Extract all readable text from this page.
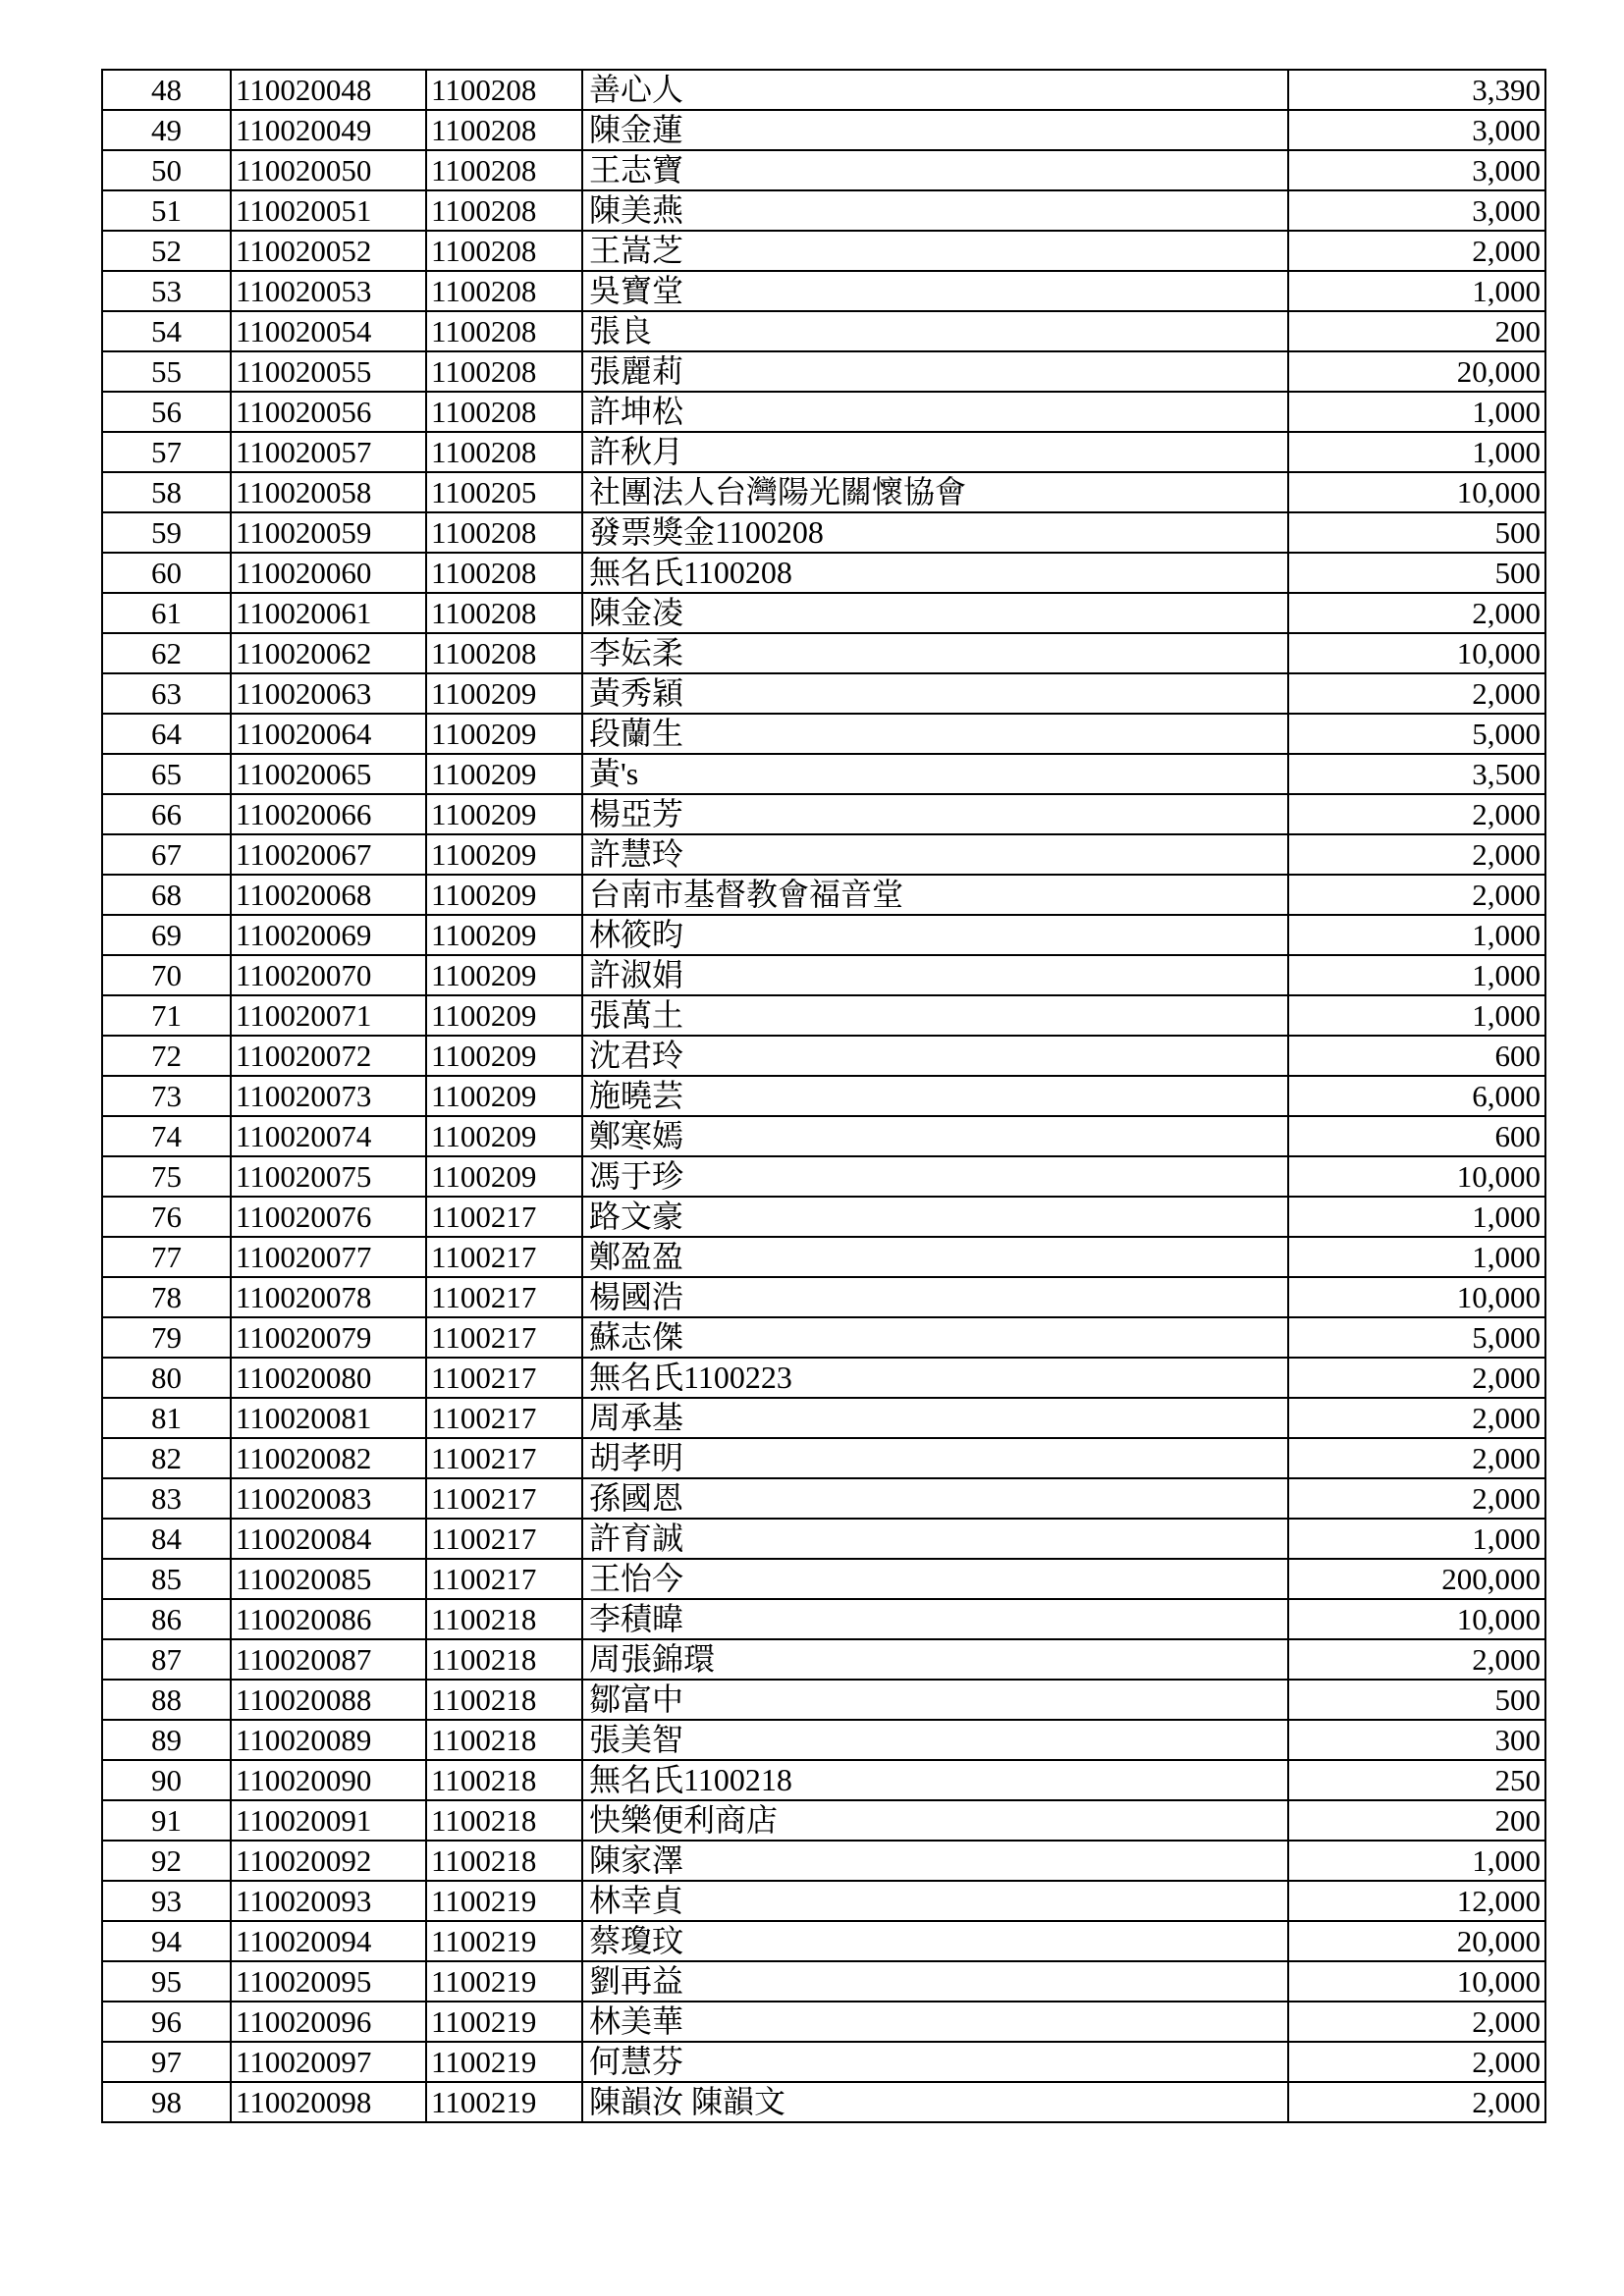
48	110020048	1100208	善心人	3,390
49	110020049	1100208	陳金蓮	3,000
50	110020050	1100208	王志寶	3,000
51	110020051	1100208	陳美燕	3,000
52	110020052	1100208	王嵩芝	2,000
53	110020053	1100208	吳寶堂	1,000
54	110020054	1100208	張良	200
55	110020055	1100208	張麗莉	20,000
56	110020056	1100208	許坤松	1,000
57	110020057	1100208	許秋月	1,000
58	110020058	1100205	社團法人台灣陽光關懷協會	10,000
59	110020059	1100208	發票獎金1100208	500
60	110020060	1100208	無名氏1100208	500
61	110020061	1100208	陳金凌	2,000
62	110020062	1100208	李妘柔	10,000
63	110020063	1100209	黃秀穎	2,000
64	110020064	1100209	段蘭生	5,000
65	110020065	1100209	黃's	3,500
66	110020066	1100209	楊亞芳	2,000
67	110020067	1100209	許慧玲	2,000
68	110020068	1100209	台南市基督教會福音堂	2,000
69	110020069	1100209	林筱昀	1,000
70	110020070	1100209	許淑娟	1,000
71	110020071	1100209	張萬土	1,000
72	110020072	1100209	沈君玲	600
73	110020073	1100209	施曉芸	6,000
74	110020074	1100209	鄭寒嫣	600
75	110020075	1100209	馮于珍	10,000
76	110020076	1100217	路文豪	1,000
77	110020077	1100217	鄭盈盈	1,000
78	110020078	1100217	楊國浩	10,000
79	110020079	1100217	蘇志傑	5,000
80	110020080	1100217	無名氏1100223	2,000
81	110020081	1100217	周承基	2,000
82	110020082	1100217	胡孝明	2,000
83	110020083	1100217	孫國恩	2,000
84	110020084	1100217	許育誠	1,000
85	110020085	1100217	王怡今	200,000
86	110020086	1100218	李積暐	10,000
87	110020087	1100218	周張錦環	2,000
88	110020088	1100218	鄒富中	500
89	110020089	1100218	張美智	300
90	110020090	1100218	無名氏1100218	250
91	110020091	1100218	快樂便利商店	200
92	110020092	1100218	陳家澤	1,000
93	110020093	1100219	林幸貞	12,000
94	110020094	1100219	蔡瓊玟	20,000
95	110020095	1100219	劉再益	10,000
96	110020096	1100219	林美華	2,000
97	110020097	1100219	何慧芬	2,000
98	110020098	1100219	陳韻汝 陳韻文	2,000
